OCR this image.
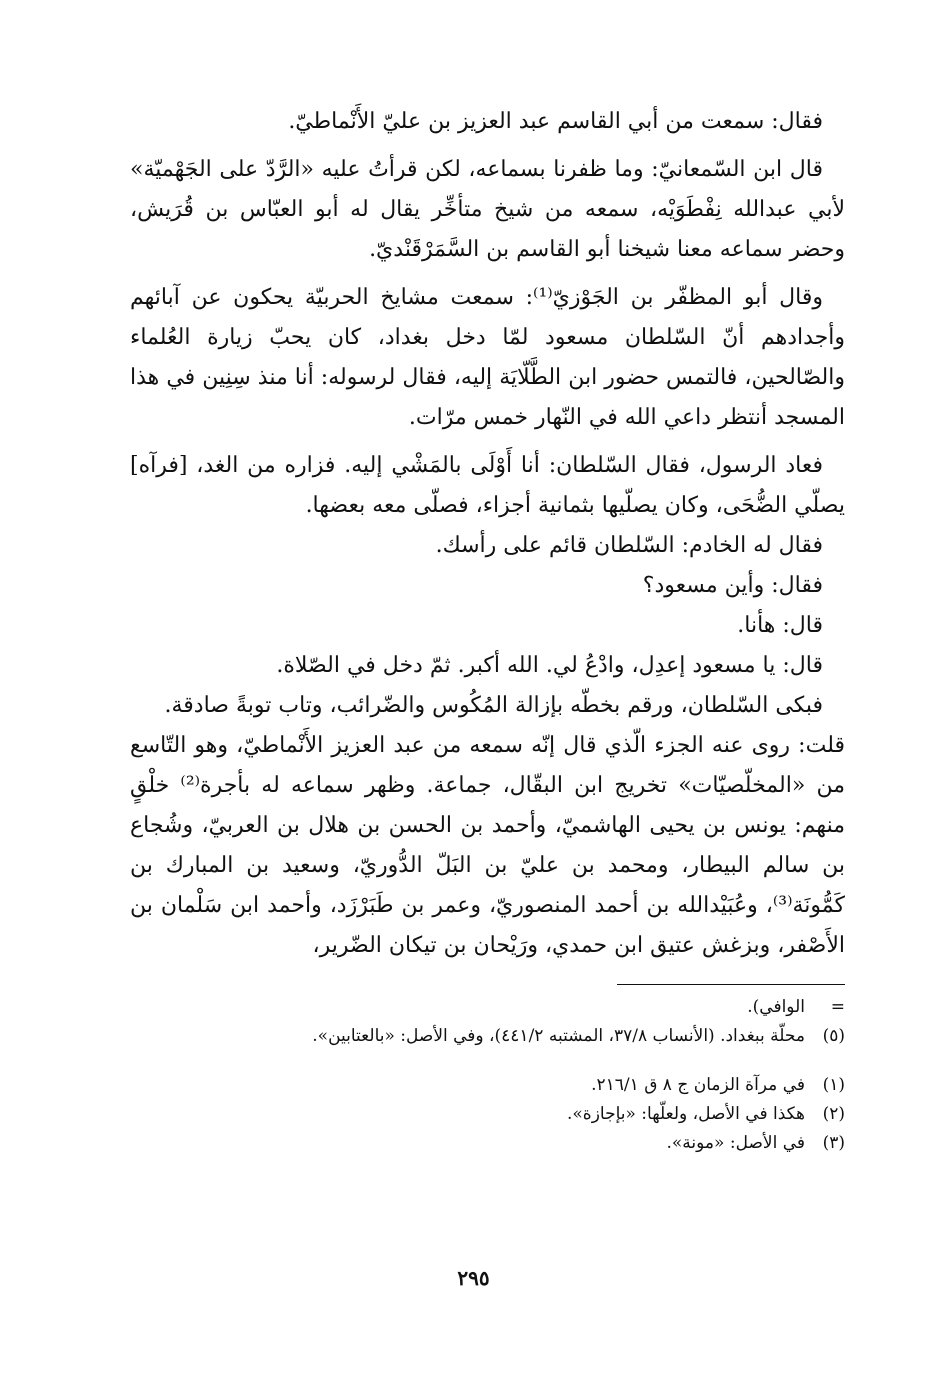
فقال: سمعت من أبي القاسم عبد العزيز بن عليّ الأَنْماطيّ.

قال ابن السّمعانيّ: وما ظفرنا بسماعه، لكن قرأتُ عليه «الرَّدّ على الجَهْميّة» لأبي عبدالله نِفْطَوَيْه، سمعه من شيخ متأخِّر يقال له أبو العبّاس بن قُرَيش، وحضر سماعه معنا شيخنا أبو القاسم بن السَّمَرْقَنْديّ.

وقال أبو المظفّر بن الجَوْزيّ⁽¹⁾: سمعت مشايخ الحربيّة يحكون عن آبائهم وأجدادهم أنّ السّلطان مسعود لمّا دخل بغداد، كان يحبّ زيارة العُلماء والصّالحين، فالتمس حضور ابن الطَّلّايَة إليه، فقال لرسوله: أنا منذ سِنِين في هذا المسجد أنتظر داعي الله في النّهار خمس مرّات.

فعاد الرسول، فقال السّلطان: أنا أَوْلَى بالمَشْي إليه. فزاره من الغد، [فرآه] يصلّي الضُّحَى، وكان يصلّيها بثمانية أجزاء، فصلّى معه بعضها.

فقال له الخادم: السّلطان قائم على رأسك.

فقال: وأين مسعود؟

قال: هأنا.

قال: يا مسعود إعدِل، وادْعُ لي. الله أكبر. ثمّ دخل في الصّلاة.

فبكى السّلطان، ورقم بخطّه بإزالة المُكُوس والضّرائب، وتاب توبةً صادقة.

قلت: روى عنه الجزء الّذي قال إنّه سمعه من عبد العزيز الأَنْماطيّ، وهو التّاسع من «المخلّصيّات» تخريج ابن البقّال، جماعة. وظهر سماعه له بأجرة⁽²⁾ خلْقٍ منهم: يونس بن يحيى الهاشميّ، وأحمد بن الحسن بن هلال بن العربيّ، وشُجاع بن سالم البيطار، ومحمد بن عليّ بن البَلّ الدُّوريّ، وسعيد بن المبارك بن كَمُّونَة⁽³⁾، وعُبَيْدالله بن أحمد المنصوريّ، وعمر بن طَبَرْزَد، وأحمد ابن سَلْمان بن الأَصْفر، وبزغش عتيق ابن حمدي، ورَيْحان بن تيكان الضّرير،

=
الوافي).
(٥)
محلّة ببغداد. (الأنساب ٣٧/٨، المشتبه ٤٤١/٢)، وفي الأصل: «بالعتابين».
(١)
في مرآة الزمان ج ٨ ق ٢١٦/١.
(٢)
هكذا في الأصل، ولعلّها: «بإجازة».
(٣)
في الأصل: «مونة».
٢٩٥
